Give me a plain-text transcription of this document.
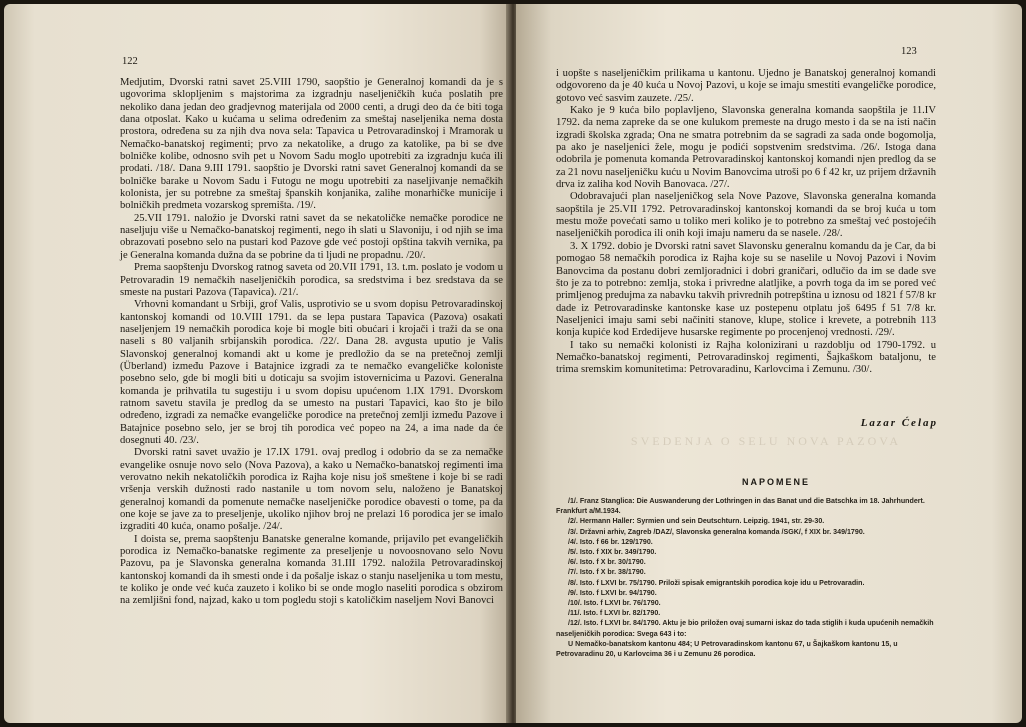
122

Medjutim, Dvorski ratni savet 25.VIII 1790, saopštio je Generalnoj komandi da je s ugovorima sklopljenim s majstorima za izgradnju naseljeničkih kuća poslatih pre nekoliko dana jedan deo gradjevnog materijala od 2000 centi, a drugi deo da će biti toga dana otposlat. Kako u kućama u selima određenim za smeštaj naseljenika nema dosta prostora, određena su za njih dva nova sela: Tapavica u Petrovaradinskoj i Mramorak u Nemačko-banatskoj regimenti; prvo za nekatolike, a drugo za katolike, pa bi se dve bolničke kolibe, odnosno svih pet u Novom Sadu moglo upotrebiti za izgradnju kuća ili prodati. /18/. Dana 9.III 1791. saopštio je Dvorski ratni savet Generalnoj komandi da se bolničke barake u Novom Sadu i Futogu ne mogu upotrebiti za naseljivanje nemačkih kolonista, jer su potrebne za smeštaj španskih konjanika, zalihe monarhičke municije i bolničkih predmeta vozarskog spremišta. /19/.

25.VII 1791. naložio je Dvorski ratni savet da se nekatoličke nemačke porodice ne naseljuju više u Nemačko-banatskoj regimenti, nego ih slati u Slavoniju, i od njih se ima obrazovati posebno selo na pustari kod Pazove gde već postoji opština takvih vernika, pa je Generalna komanda dužna da se pobrine da ti ljudi ne propadnu. /20/.

Prema saopštenju Dvorskog ratnog saveta od 20.VII 1791, 13. t.m. poslato je vodom u Petrovaradin 19 nemačkih naseljeničkih porodica, sa sredstvima i bez sredstava da se smeste na pustari Pazova (Tapavica). /21/.

Vrhovni komandant u Srbiji, grof Valis, usprotivio se u svom dopisu Petrovaradinskoj kantonskoj komandi od 10.VIII 1791. da se lepa pustara Tapavica (Pazova) osakati naseljenjem 19 nemačkih porodica koje bi mogle biti obućari i krojači i traži da se ona naseli s 80 valjanih srbijanskih porodica. /22/. Dana 28. avgusta uputio je Valis Slavonskoj generalnoj komandi akt u kome je predložio da se na pretečnoj zemlji (Überland) između Pazove i Batajnice izgradi za te nemačko evangeličke koloniste posebno selo, gde bi mogli biti u doticaju sa svojim istovernicima u Pazovi. Generalna komanda je prihvatila tu sugestiju i u svom dopisu upućenom 1.IX 1791. Dvorskom ratnom savetu stavila je predlog da se umesto na pustari Tapavici, kao što je bilo određeno, izgradi za nemačke evangeličke porodice na pretečnoj zemlji između Pazove i Batajnice posebno selo, jer se broj tih porodica već popeo na 24, a ima nade da će dosegnuti 40. /23/.

Dvorski ratni savet uvažio je 17.IX 1791. ovaj predlog i odobrio da se za nemačke evangelike osnuje novo selo (Nova Pazova), a kako u Nemačko-banatskoj regimenti ima verovatno nekih nekatoličkih porodica iz Rajha koje nisu još smeštene i koje bi se radi vršenja verskih dužnosti rado nastanile u tom novom selu, naloženo je Banatskoj generalnoj komandi da pomenute nemačke naseljeničke porodice obavesti o tome, pa da one koje se jave za to preseljenje, ukoliko njihov broj ne prelazi 16 porodica jer se imalo izgraditi 40 kuća, onamo pošalje. /24/.

I doista se, prema saopštenju Banatske generalne komande, prijavilo pet evangeličkih porodica iz Nemačko-banatske regimente za preseljenje u novoosnovano selo Novu Pazovu, pa je Slavonska generalna komanda 31.III 1792. naložila Petrovaradinskoj kantonskoj komandi da ih smesti onde i da pošalje iskaz o stanju naseljenika u tom mestu, te koliko je onde već kuća zauzeto i koliko bi se onde moglo naseliti porodica s obzirom na zemljišni fond, najzad, kako u tom pogledu stoji s katoličkim naseljem Novi Banovci

i uopšte s naseljeničkim prilikama u kantonu. Ujedno je Banatskoj generalnoj komandi odgovoreno da je 40 kuća u Novoj Pazovi, u koje se imaju smestiti evangeličke porodice, gotovo već sasvim zauzete. /25/.

Kako je 9 kuća bilo poplavljeno, Slavonska generalna komanda saopštila je 11.IV 1792. da nema zapreke da se one kulukom premeste na drugo mesto i da se na isti način izgradi školska zgrada; Ona ne smatra potrebnim da se sagradi za sada onde bogomolja, pa ako je naseljenici žele, mogu je podići sopstvenim sredstvima. /26/. Istoga dana odobrila je pomenuta komanda Petrovaradinskoj kantonskoj komandi njen predlog da se za 21 novu naseljeničku kuću u Novim Banovcima utroši po 6 f 42 kr, uz prijem državnih drva iz zaliha kod Novih Banovaca. /27/.

Odobravajući plan naseljeničkog sela Nove Pazove, Slavonska generalna komanda saopštila je 25.VII 1792. Petrovaradinskoj kantonskoj komandi da se broj kuća u tom mestu može povećati samo u toliko meri koliko je to potrebno za smeštaj već postojećih naseljeničkih porodica ili onih koji imaju nameru da se nasele. /28/.

3. X 1792. dobio je Dvorski ratni savet Slavonsku generalnu komandu da je Car, da bi pomogao 58 nemačkih porodica iz Rajha koje su se naselile u Novoj Pazovi i Novim Banovcima da postanu dobri zemljoradnici i dobri graničari, odlučio da im se dade sve što je za to potrebno: zemlja, stoka i privredne alatljike, a povrh toga da im se pored već primljenog predujma za nabavku takvih privrednih potrepština u iznosu od 1821 f 57/8 kr dade iz Petrovaradinske kantonske kase uz postepenu otplatu još 6495 f 51 7/8 kr. Naseljenici imaju sami sebi načiniti stanove, klupe, stolice i krevete, a potrebnih 113 konja kupiće kod Erdedijeve husarske regimente po procenjenoj vrednosti. /29/.

I tako su nemački kolonisti iz Rajha kolonizirani u razdoblju od 1790-1792. u Nemačko-banatskoj regimenti, Petrovaradinskoj regimenti, Šajkaškom bataljonu, te trima sremskim komunitetima: Petrovaradinu, Karlovcima i Zemunu. /30/.

Lazar Ćelap
SVEDENJA O SELU NOVA PAZOVA
NAPOMENE

/1/. Franz Stanglica: Die Auswanderung der Lothringen in das Banat und die Batschka im 18. Jahrhundert. Frankfurt a/M.1934.

/2/. Hermann Haller: Syrmien und sein Deutschturn. Leipzig. 1941, str. 29-30.

/3/. Državni arhiv, Zagreb /DAZ/, Slavonska generalna komanda /SGK/, f XIX br. 349/1790.

/4/. Isto. f 66 br. 129/1790.

/5/. Isto. f XIX br. 349/1790.

/6/. Isto. f X br. 30/1790.

/7/. Isto. f X br. 38/1790.

/8/. Isto. f LXVI br. 75/1790. Priloži spisak emigrantskih porodica koje idu u Petrovaradin.

/9/. Isto. f LXVI br. 94/1790.

/10/. Isto. f LXVI br. 76/1790.

/11/. Isto. f LXVI br. 82/1790.

/12/. Isto. f LXVI br. 84/1790. Aktu je bio priložen ovaj sumarni iskaz do tada stiglih i kuda upućenih nemačkih naseljeničkih porodica: Svega 643 i to:

U Nemačko-banatskom kantonu 484; U Petrovaradinskom kantonu 67, u Šajkaškom kantonu 15, u Petrovaradinu 20, u Karlovcima 36 i u Zemunu 26 porodica.

123
